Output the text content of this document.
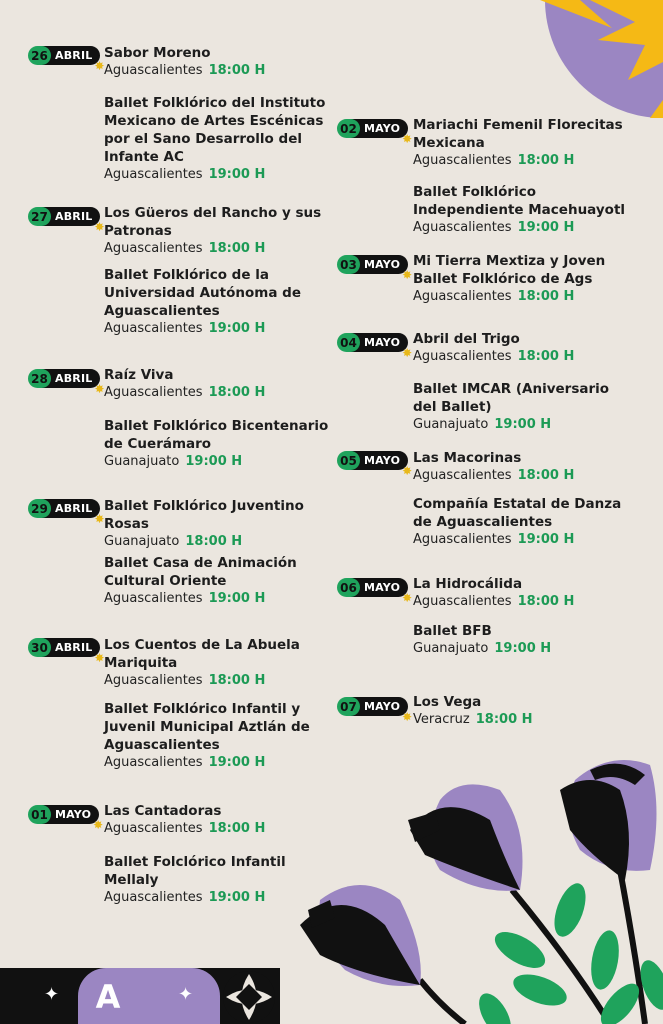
26 ABRIL
✸
Sabor Moreno
Aguascalientes 18:00 H
Ballet Folklórico del Instituto Mexicano de Artes Escénicas por el Sano Desarrollo del Infante AC
Aguascalientes 19:00 H
27 ABRIL
✸
Los Güeros del Rancho y sus Patronas
Aguascalientes 18:00 H
Ballet Folklórico de la Universidad Autónoma de Aguascalientes
Aguascalientes 19:00 H
28 ABRIL
✸
Raíz Viva
Aguascalientes 18:00 H
Ballet Folklórico Bicentenario de Cuerámaro
Guanajuato 19:00 H
29 ABRIL
✸
Ballet Folklórico Juventino Rosas
Guanajuato 18:00 H
Ballet Casa de Animación Cultural Oriente
Aguascalientes 19:00 H
30 ABRIL
✸
Los Cuentos de La Abuela Mariquita
Aguascalientes 18:00 H
Ballet Folklórico Infantil y Juvenil Municipal Aztlán de Aguascalientes
Aguascalientes 19:00 H
01 MAYO
✸
Las Cantadoras
Aguascalientes 18:00 H
Ballet Folclórico Infantil Mellaly
Aguascalientes 19:00 H
02 MAYO
✸
Mariachi Femenil Florecitas Mexicana
Aguascalientes 18:00 H
Ballet Folklórico Independiente Macehuayotl
Aguascalientes 19:00 H
03 MAYO
✸
Mi Tierra Mextiza y Joven Ballet Folklórico de Ags
Aguascalientes 18:00 H
04 MAYO
✸
Abril del Trigo
Aguascalientes 18:00 H
Ballet IMCAR (Aniversario del Ballet)
Guanajuato 19:00 H
05 MAYO
✸
Las Macorinas
Aguascalientes 18:00 H
Compañía Estatal de Danza de Aguascalientes
Aguascalientes 19:00 H
06 MAYO
✸
La Hidrocálida
Aguascalientes 18:00 H
Ballet BFB
Guanajuato 19:00 H
07 MAYO
✸
Los Vega
Veracruz 18:00 H
A
✦	✦
